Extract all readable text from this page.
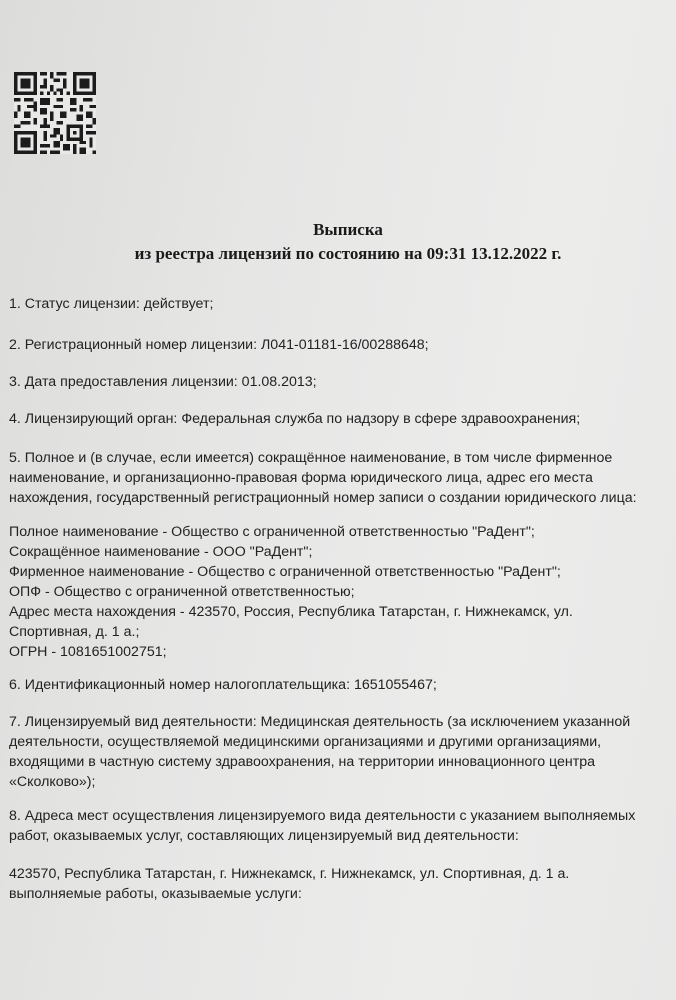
Выписка
из реестра лицензий по состоянию на 09:31 13.12.2022 г.
1. Статус лицензии: действует;
2. Регистрационный номер лицензии: Л041-01181-16/00288648;
3. Дата предоставления лицензии: 01.08.2013;
4. Лицензирующий орган: Федеральная служба по надзору в сфере здравоохранения;
5. Полное и (в случае, если имеется) сокращённое наименование, в том числе фирменное
наименование, и организационно-правовая форма юридического лица, адрес его места
нахождения, государственный регистрационный номер записи о создании юридического лица:
Полное наименование - Общество с ограниченной ответственностью "РаДент";
Сокращённое наименование - ООО "РаДент";
Фирменное наименование - Общество с ограниченной ответственностью "РаДент";
ОПФ - Общество с ограниченной ответственностью;
Адрес места нахождения - 423570, Россия, Республика Татарстан, г. Нижнекамск, ул.
Спортивная, д. 1 а.;
ОГРН - 1081651002751;
6. Идентификационный номер налогоплательщика: 1651055467;
7. Лицензируемый вид деятельности: Медицинская деятельность (за исключением указанной
деятельности, осуществляемой медицинскими организациями и другими организациями,
входящими в частную систему здравоохранения, на территории инновационного центра
«Сколково»);
8. Адреса мест осуществления лицензируемого вида деятельности с указанием выполняемых
работ, оказываемых услуг, составляющих лицензируемый вид деятельности:
423570, Республика Татарстан, г. Нижнекамск, г. Нижнекамск, ул. Спортивная, д. 1 а.
выполняемые работы, оказываемые услуги:
